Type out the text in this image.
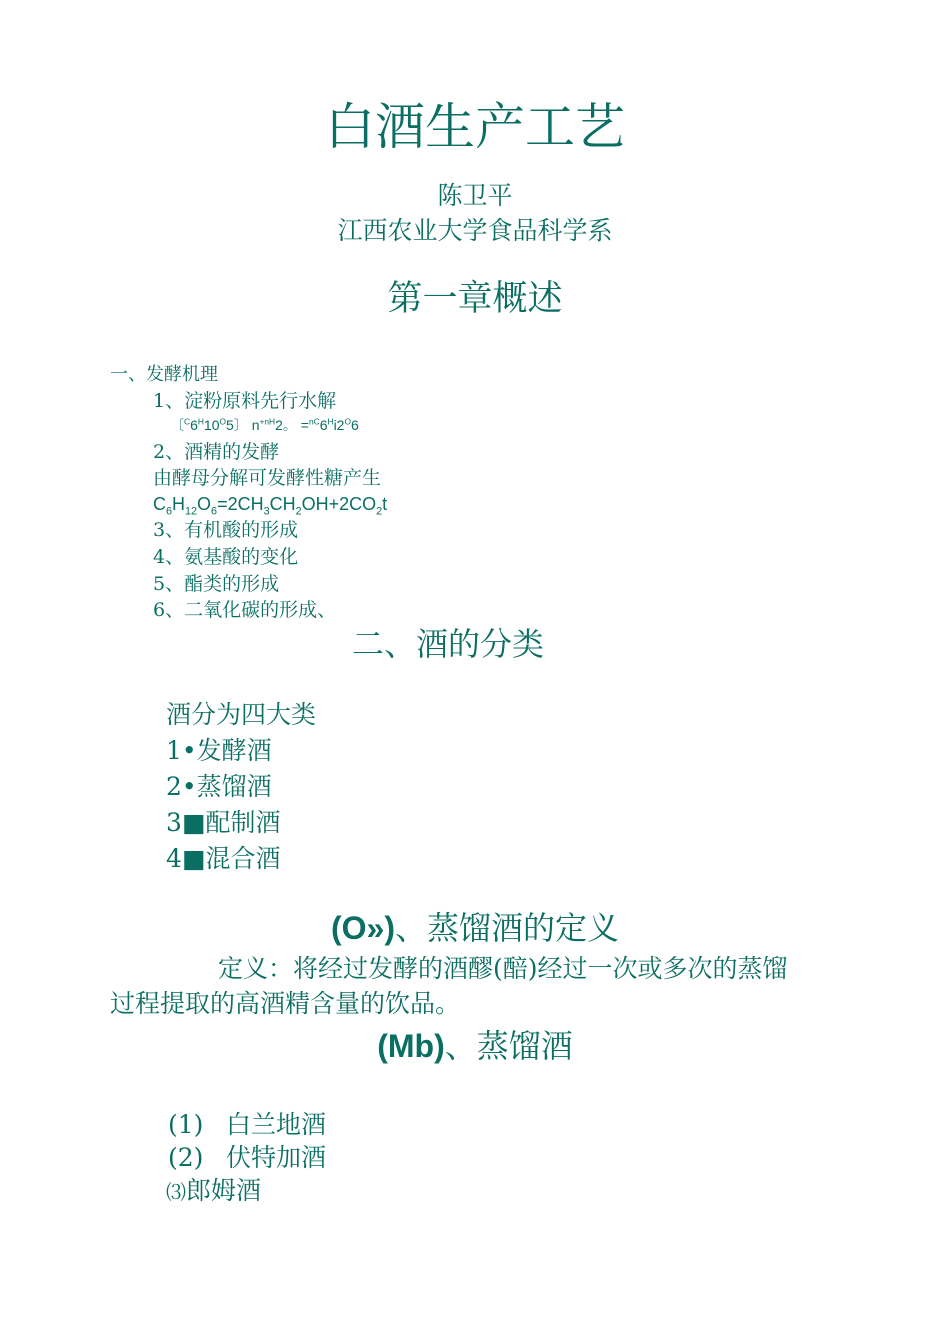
白酒生产工艺
陈卫平
江西农业大学食品科学系
第一章概述
一、发酵机理
1、淀粉原料先行水解
〔$^C6^H10^O5$〕 $n^{+nH}2$。 $=^{nC}6^Hi2^O6$
2、酒精的发酵
由酵母分解可发酵性糖产生
$C_6H_{12}O_6=2CH_3CH_2OH+2CO_2t$
3、有机酸的形成
4、氨基酸的变化
5、酯类的形成
6、二氧化碳的形成、
二、酒的分类
酒分为四大类
1•发酵酒
2•蒸馏酒
3■配制酒
4■混合酒
(O»)、蒸馏酒的定义
定义：将经过发酵的酒醪(醅)经过一次或多次的蒸馏
过程提取的高酒精含量的饮品。
(Mb)、蒸馏酒
(1) 白兰地酒
(2) 伏特加酒
⑶郎姆酒
